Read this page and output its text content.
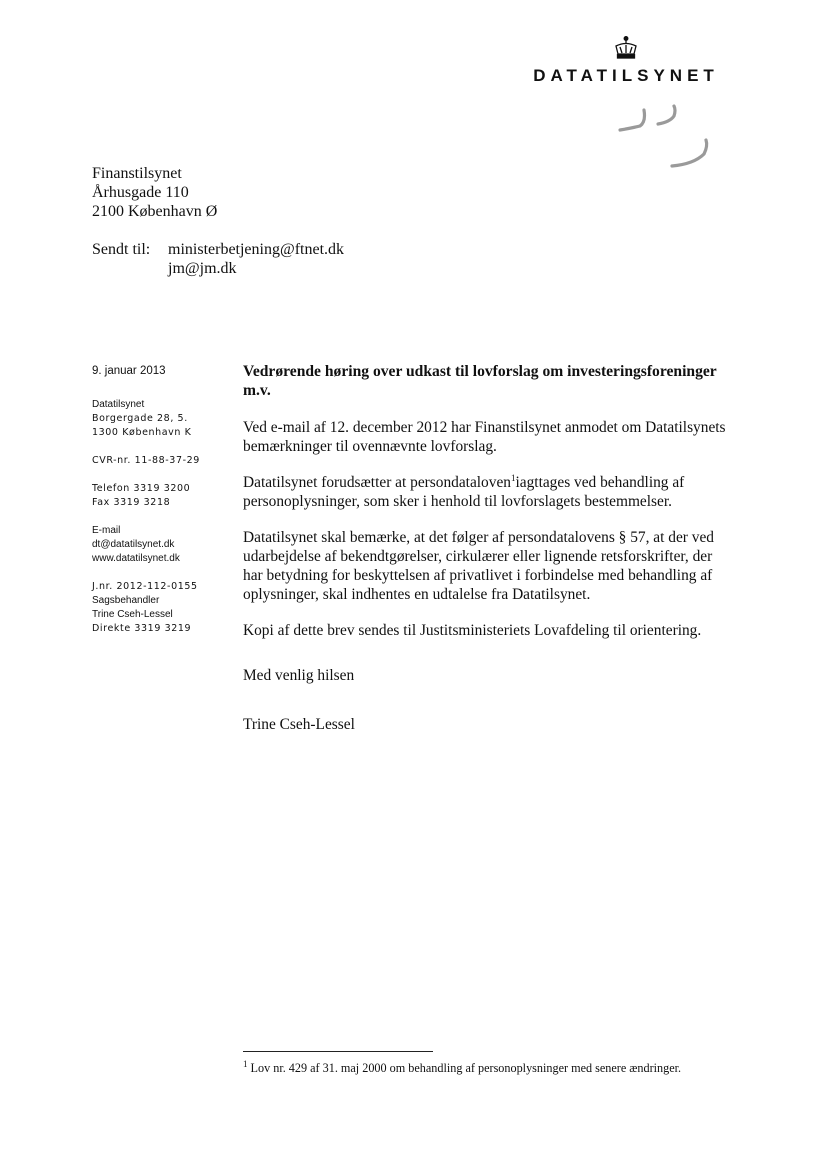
DATATILSYNET
Finanstilsynet
Århusgade 110
2100 København Ø
Sendt til: ministerbetjening@ftnet.dk
jm@jm.dk
9. januar 2013
Datatilsynet
Borgergade 28, 5.
1300 København K
CVR-nr. 11-88-37-29
Telefon 3319 3200
Fax 3319 3218
E-mail
dt@datatilsynet.dk
www.datatilsynet.dk
J.nr. 2012-112-0155
Sagsbehandler
Trine Cseh-Lessel
Direkte 3319 3219

Vedrørende høring over udkast til lovforslag om investeringsforeninger m.v.

Ved e-mail af 12. december 2012 har Finanstilsynet anmodet om Datatilsynets bemærkninger til ovennævnte lovforslag.

Datatilsynet forudsætter at persondataloven$^1$iagttages ved behandling af personoplysninger, som sker i henhold til lovforslagets bestemmelser.

Datatilsynet skal bemærke, at det følger af persondatalovens § 57, at der ved udarbejdelse af bekendtgørelser, cirkulærer eller lignende retsforskrifter, der har betydning for beskyttelsen af privatlivet i forbindelse med behandling af oplysninger, skal indhentes en udtalelse fra Datatilsynet.

Kopi af dette brev sendes til Justitsministeriets Lovafdeling til orientering.

Med venlig hilsen
Trine Cseh-Lessel
$^1$ Lov nr. 429 af 31. maj 2000 om behandling af personoplysninger med senere ændringer.
